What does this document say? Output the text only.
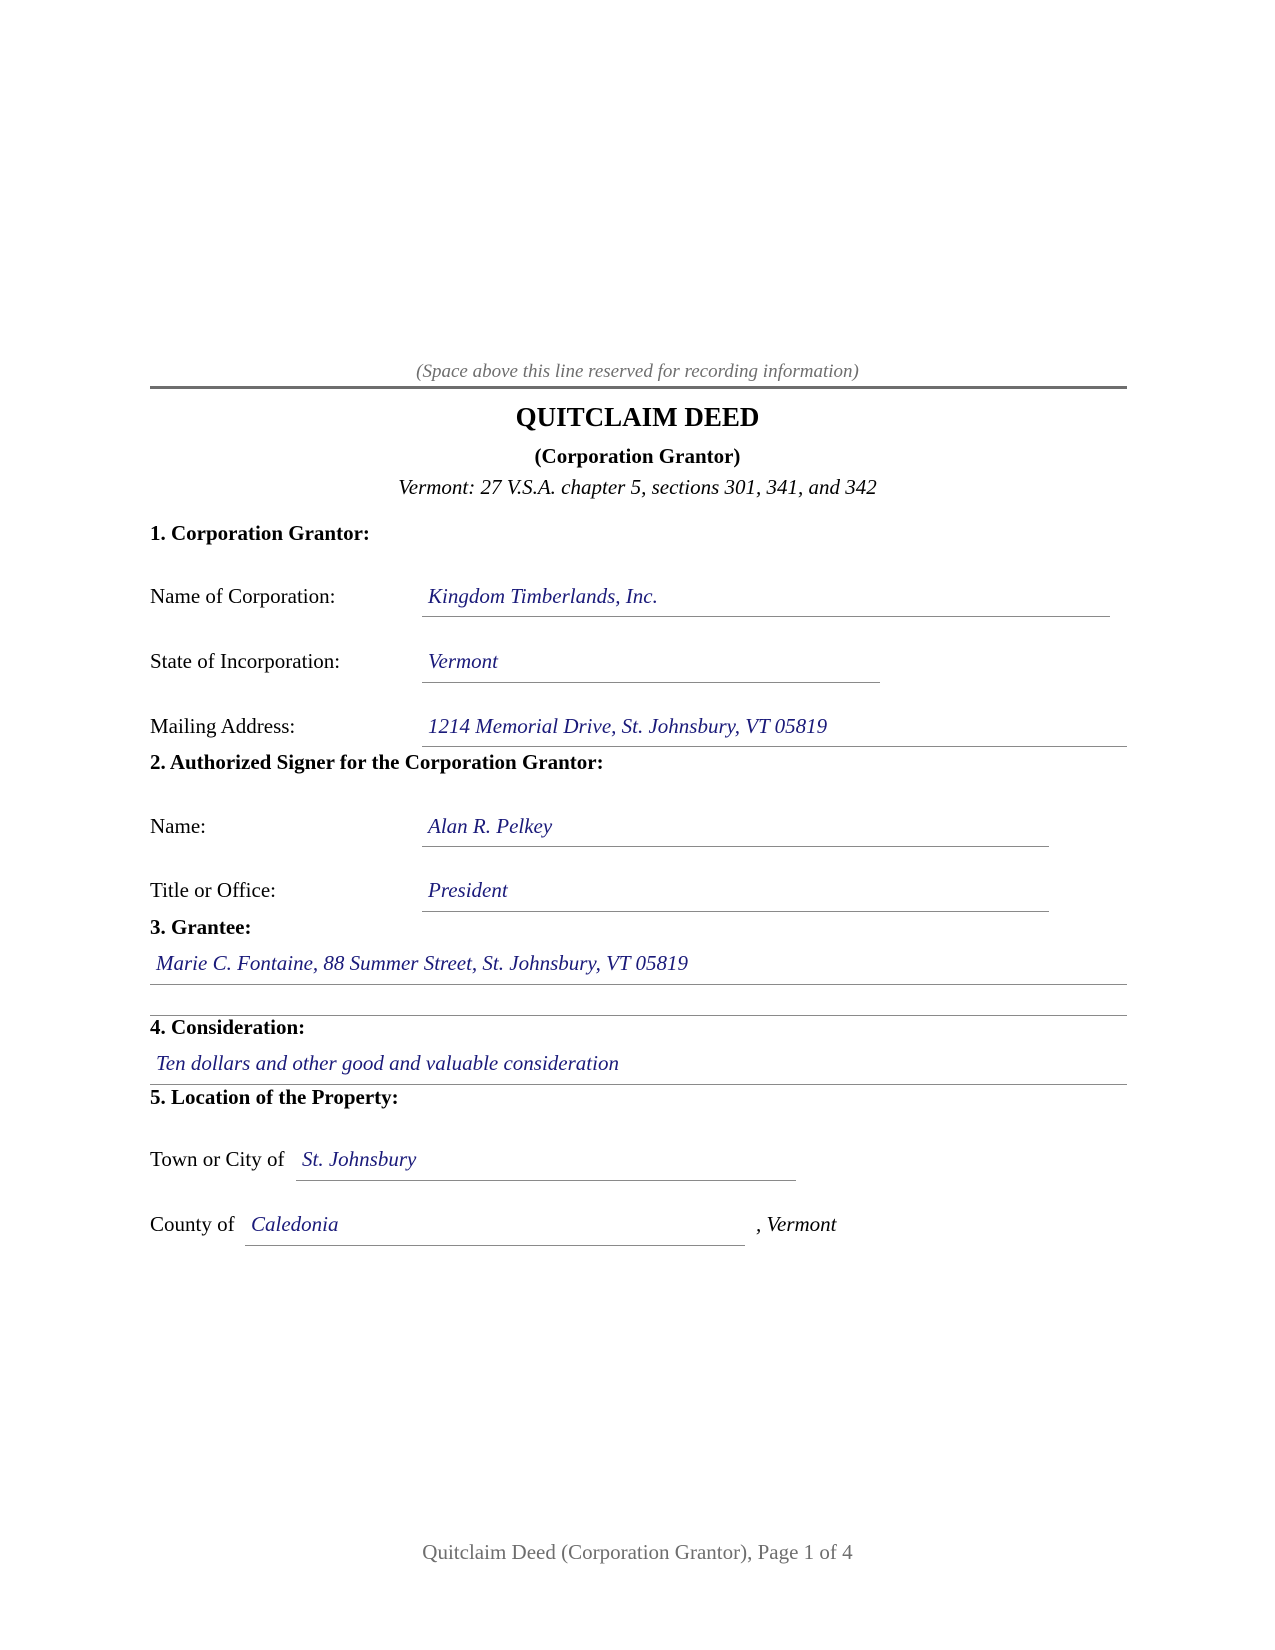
(Space above this line reserved for recording information)
QUITCLAIM DEED
(Corporation Grantor)
Vermont: 27 V.S.A. chapter 5, sections 301, 341, and 342
1. Corporation Grantor:
Name of Corporation:	Kingdom Timberlands, Inc.
State of Incorporation:	Vermont
Mailing Address:	1214 Memorial Drive, St. Johnsbury, VT 05819
2. Authorized Signer for the Corporation Grantor:
Name:	Alan R. Pelkey
Title or Office:	President
3. Grantee:
Marie C. Fontaine, 88 Summer Street, St. Johnsbury, VT 05819
4. Consideration:
Ten dollars and other good and valuable consideration
5. Location of the Property:
Town or City of St. Johnsbury
County of Caledonia	, Vermont
Quitclaim Deed (Corporation Grantor), Page 1 of 4
